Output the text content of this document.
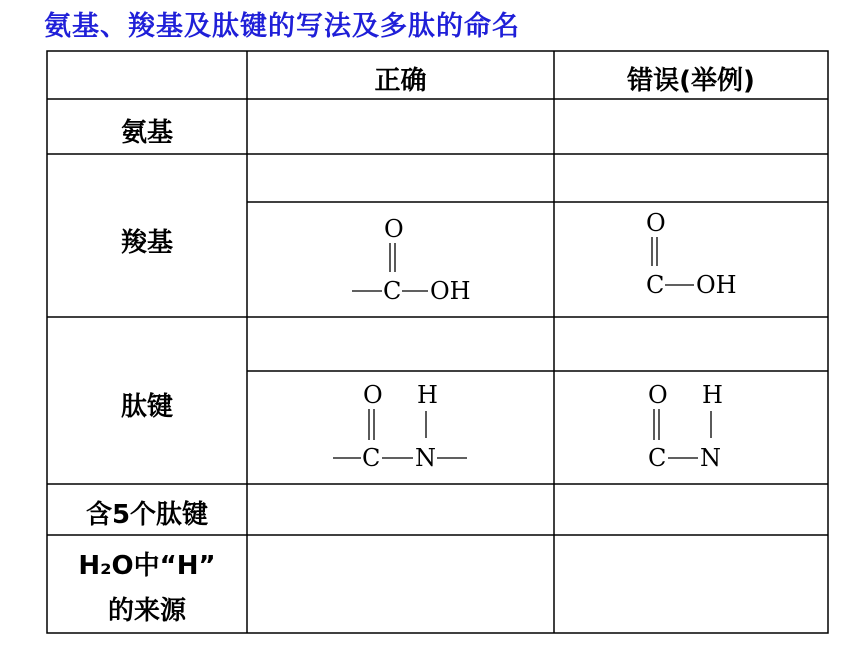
氨基、羧基及肽键的写法及多肽的命名
正确	错误(举例)
氨基
羧基
肽键
含5个肽键
H₂O中“H”
的来源
O
C OH
O
C OH
O H
C N
O H
C N
